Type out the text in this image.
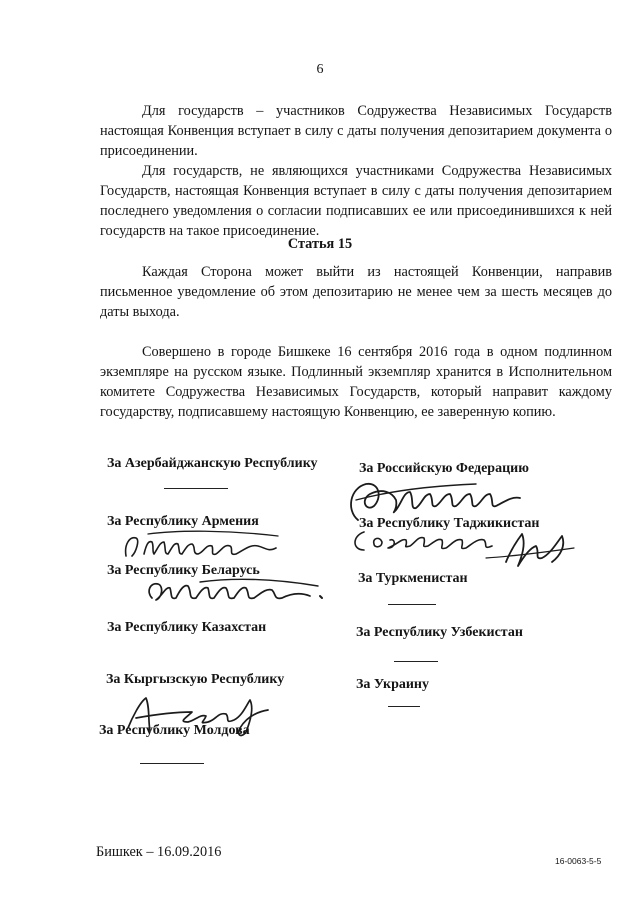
6

Для государств – участников Содружества Независимых Государств настоящая Конвенция вступает в силу с даты получения депозитарием документа о присоединении.

Для государств, не являющихся участниками Содружества Независимых Государств, настоящая Конвенция вступает в силу с даты получения депозитарием последнего уведомления о согласии подписавших ее или присоединившихся к ней государств на такое присоединение.

Статья 15

Каждая Сторона может выйти из настоящей Конвенции, направив письменное уведомление об этом депозитарию не менее чем за шесть месяцев до даты выхода.

Совершено в городе Бишкеке 16 сентября 2016 года в одном подлинном экземпляре на русском языке. Подлинный экземпляр хранится в Исполнительном комитете Содружества Независимых Государств, который направит каждому государству, подписавшему настоящую Конвенцию, ее заверенную копию.

За Азербайджанскую Республику
За Республику Армения
За Республику Беларусь
За Республику Казахстан
За Кыргызскую Республику
За Республику Молдова
За Российскую Федерацию
За Республику Таджикистан
За Туркменистан
За Республику Узбекистан
За Украину
Бишкек – 16.09.2016
16-0063-5-5
